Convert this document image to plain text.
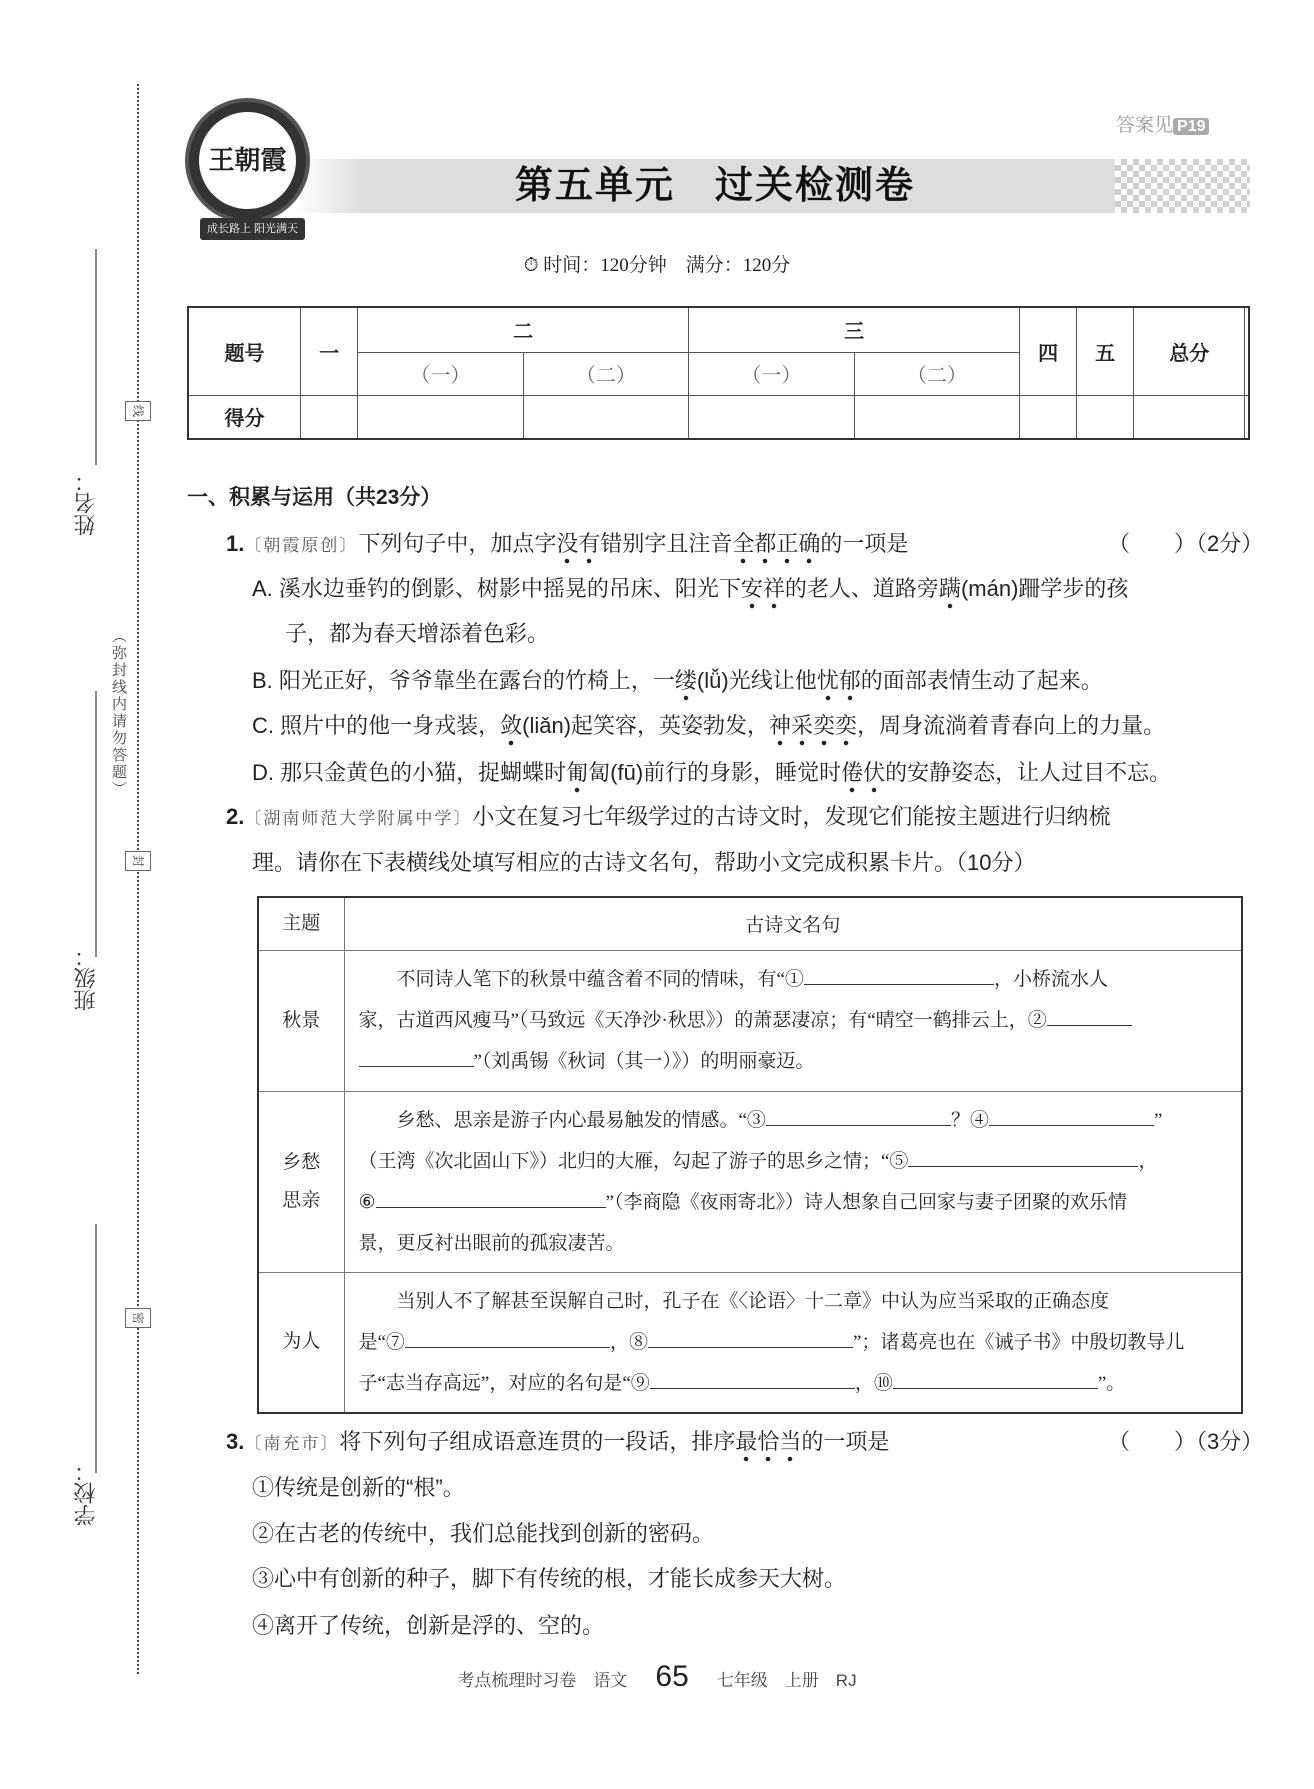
线
封
密
姓名：
班级：
学校：
（弥封线内请勿答题）
王朝霞
成长路上 阳光满天
第五单元　过关检测卷
答案见 P19
⏱ 时间：120分钟　满分：120分
题号	一	二		三		四	五	总分	
		（一）	（二）	（一）	（二）				
得分									
一、积累与运用（共23分）
1.〔朝霞原创〕下列句子中，加点字没有错别字且注音全都正确的一项是	（　　）（2分）
A. 溪水边垂钓的倒影、树影中摇晃的吊床、阳光下安祥的老人、道路旁蹒(mán)跚学步的孩
子，都为春天增添着色彩。
B. 阳光正好，爷爷靠坐在露台的竹椅上，一缕(lǚ)光线让他忧郁的面部表情生动了起来。
C. 照片中的他一身戎装，敛(liǎn)起笑容，英姿勃发，神采奕奕，周身流淌着青春向上的力量。
D. 那只金黄色的小猫，捉蝴蝶时匍匐(fū)前行的身影，睡觉时倦伏的安静姿态，让人过目不忘。
2.〔湖南师范大学附属中学〕小文在复习七年级学过的古诗文时，发现它们能按主题进行归纳梳
理。请你在下表横线处填写相应的古诗文名句，帮助小文完成积累卡片。（10分）
主题	古诗文名句
秋景	不同诗人笔下的秋景中蕴含着不同的情味，有“① ，小桥流水人
家，古道西风瘦马”（马致远《天净沙·秋思》）的萧瑟凄凉；有“晴空一鹤排云上，②
”（刘禹锡《秋词（其一）》）的明丽豪迈。
乡愁思亲	乡愁、思亲是游子内心最易触发的情感。“③ ？④ ”
（王湾《次北固山下》）北归的大雁，勾起了游子的思乡之情；“⑤ ，
⑥ ”（李商隐《夜雨寄北》）诗人想象自己回家与妻子团聚的欢乐情
景，更反衬出眼前的孤寂凄苦。
为人	当别人不了解甚至误解自己时，孔子在《〈论语〉十二章》中认为应当采取的正确态度
是“⑦ ，⑧ ”；诸葛亮也在《诫子书》中殷切教导儿
子“志当存高远”，对应的名句是“⑨ ，⑩ ”。
3.〔南充市〕将下列句子组成语意连贯的一段话，排序最恰当的一项是	（　　）（3分）
①传统是创新的“根”。
②在古老的传统中，我们总能找到创新的密码。
③心中有创新的种子，脚下有传统的根，才能长成参天大树。
④离开了传统，创新是浮的、空的。
考点梳理时习卷　语文 65 七年级　上册　RJ
